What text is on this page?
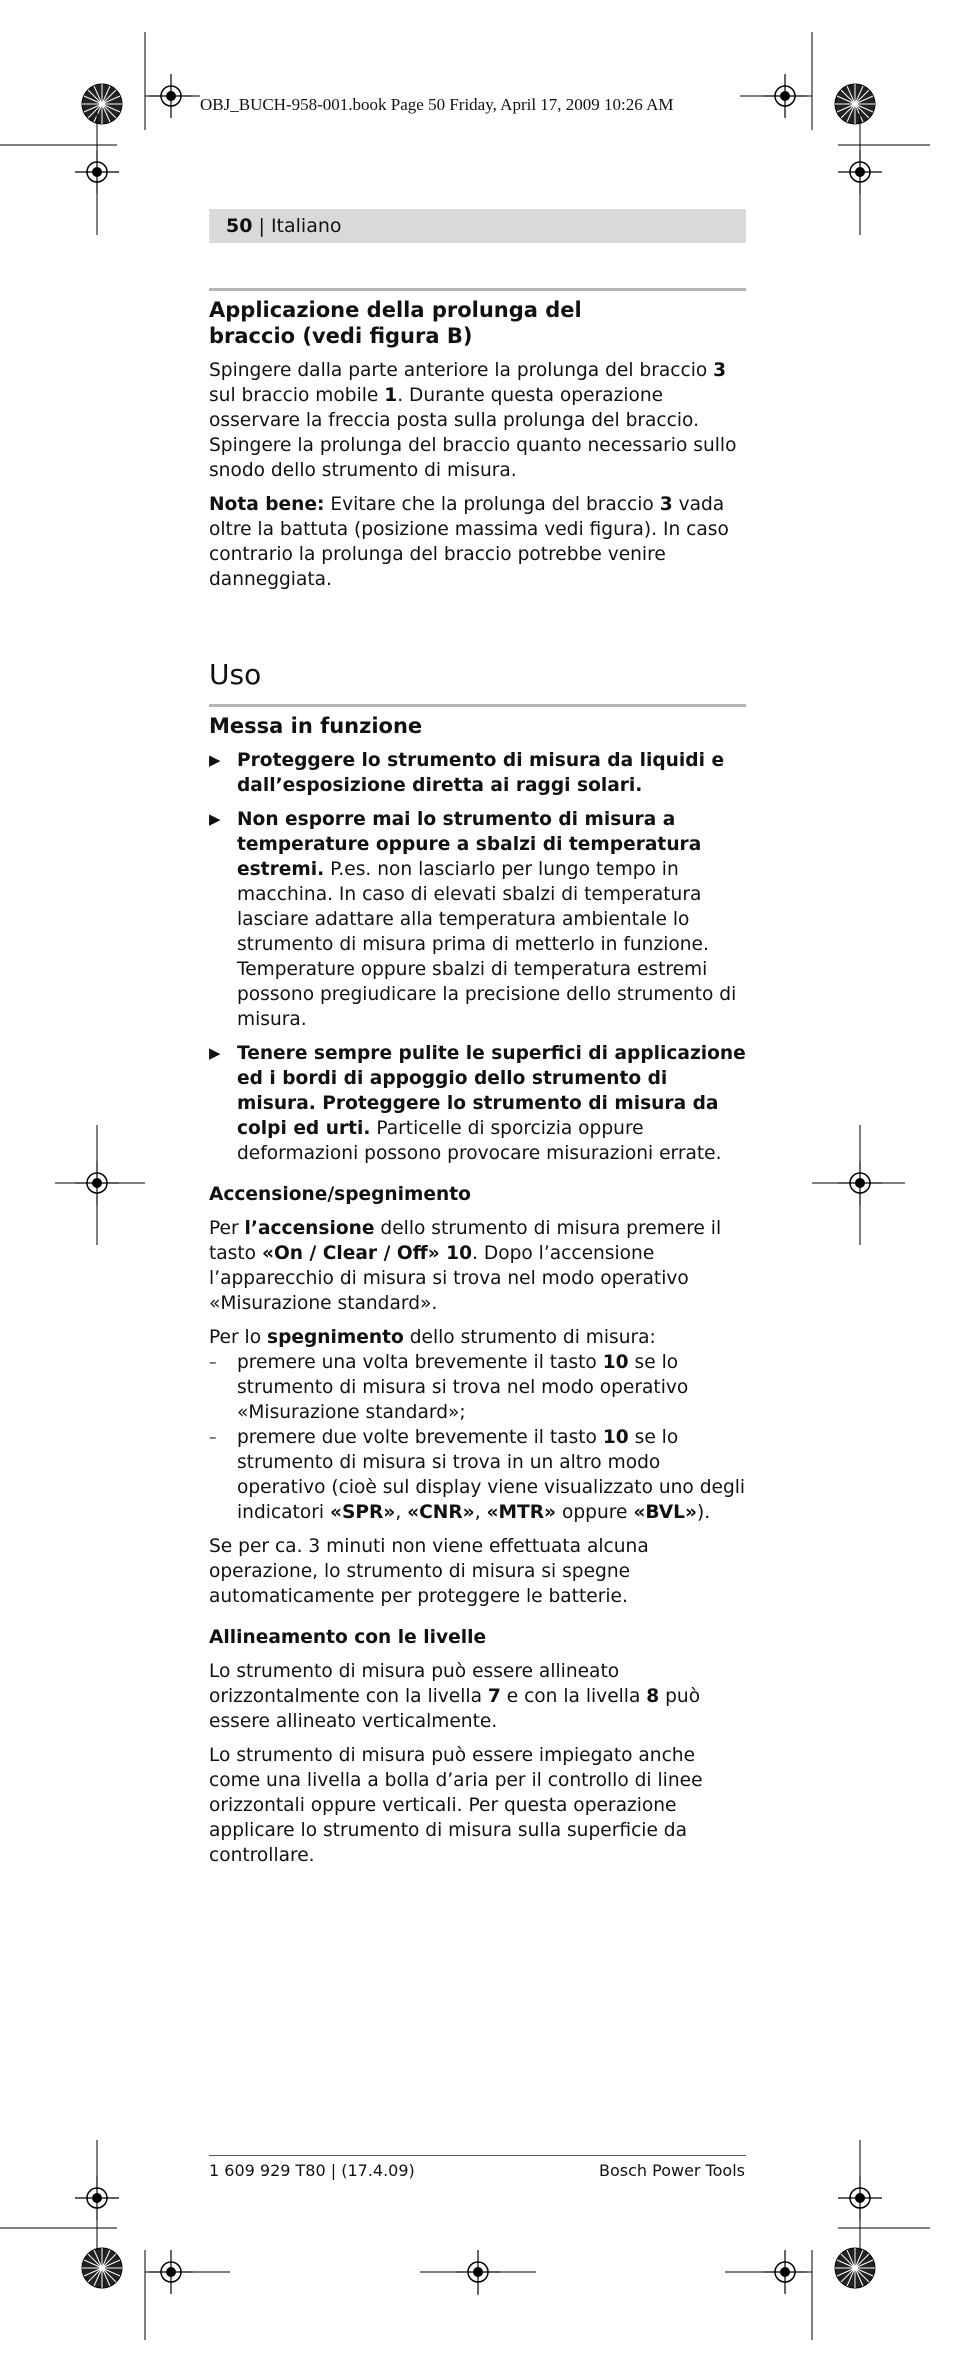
OBJ_BUCH-958-001.book Page 50 Friday, April 17, 2009 10:26 AM
50 | Italiano
Applicazione della prolunga del braccio (vedi figura B)

Spingere dalla parte anteriore la prolunga del braccio 3 sul braccio mobile 1. Durante questa operazione osservare la freccia posta sulla prolunga del braccio. Spingere la prolunga del braccio quanto necessario sullo snodo dello strumento di misura.

Nota bene: Evitare che la prolunga del braccio 3 vada oltre la battuta (posizione massima vedi figura). In caso contrario la prolunga del braccio potrebbe venire danneggiata.

Uso
Messa in funzione
▶ Proteggere lo strumento di misura da liquidi e dall’esposizione diretta ai raggi solari.
▶ Non esporre mai lo strumento di misura a temperature oppure a sbalzi di temperatura estremi. P.es. non lasciarlo per lungo tempo in macchina. In caso di elevati sbalzi di temperatura lasciare adattare alla temperatura ambientale lo strumento di misura prima di metterlo in funzione. Temperature oppure sbalzi di temperatura estremi possono pregiudicare la precisione dello strumento di misura.
▶ Tenere sempre pulite le superfici di applicazione ed i bordi di appoggio dello strumento di misura. Proteggere lo strumento di misura da colpi ed urti. Particelle di sporcizia oppure deformazioni possono provocare misurazioni errate.
Accensione/spegnimento

Per l’accensione dello strumento di misura premere il tasto «On / Clear / Off» 10. Dopo l’accensione l’apparecchio di misura si trova nel modo operativo «Misurazione standard».

Per lo spegnimento dello strumento di misura:

–	premere una volta brevemente il tasto 10 se lo strumento di misura si trova nel modo operativo «Misurazione standard»;
–	premere due volte brevemente il tasto 10 se lo strumento di misura si trova in un altro modo operativo (cioè sul display viene visualizzato uno degli indicatori «SPR», «CNR», «MTR» oppure «BVL»).

Se per ca. 3 minuti non viene effettuata alcuna operazione, lo strumento di misura si spegne automaticamente per proteggere le batterie.

Allineamento con le livelle

Lo strumento di misura può essere allineato orizzontalmente con la livella 7 e con la livella 8 può essere allineato verticalmente.

Lo strumento di misura può essere impiegato anche come una livella a bolla d’aria per il controllo di linee orizzontali oppure verticali. Per questa operazione applicare lo strumento di misura sulla superficie da controllare.

1 609 929 T80 | (17.4.09)	Bosch Power Tools
